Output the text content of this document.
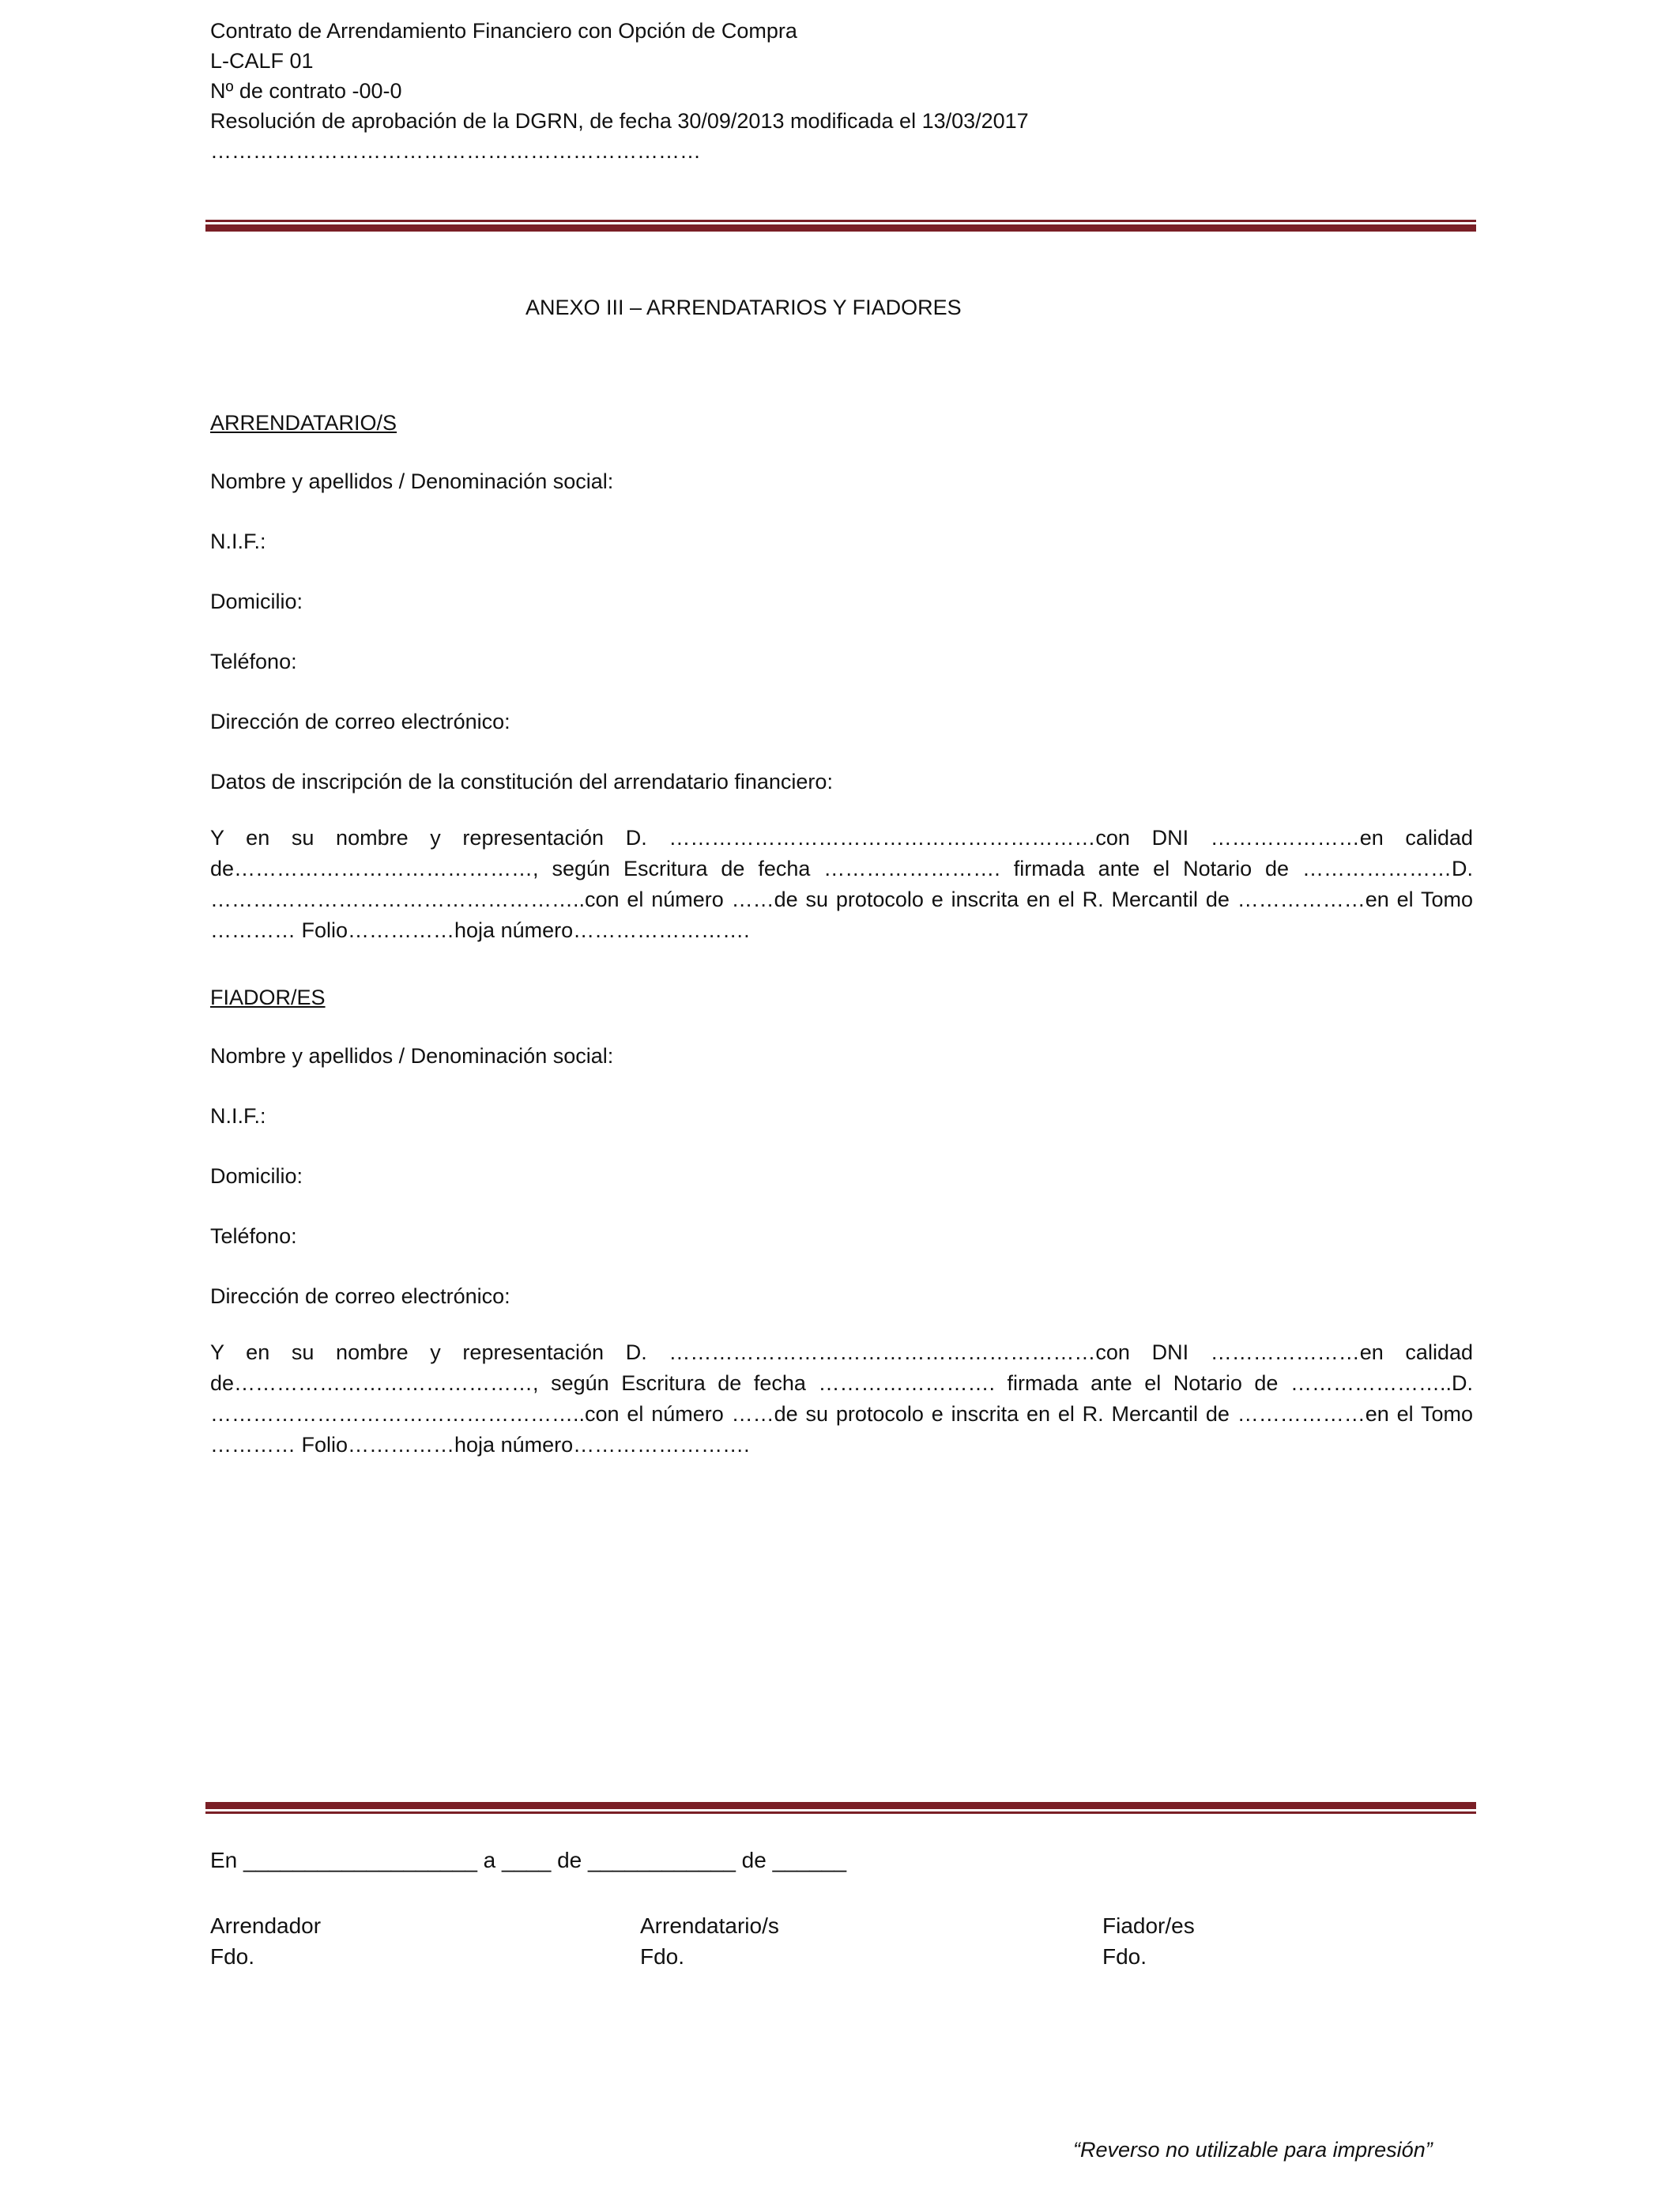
Contrato de Arrendamiento Financiero con Opción de Compra
L-CALF 01
Nº de contrato -00-0
Resolución de aprobación de la DGRN, de fecha 30/09/2013 modificada el 13/03/2017
……………………………………………………………
ANEXO III – ARRENDATARIOS Y FIADORES

ARRENDATARIO/S

Nombre y apellidos / Denominación social:

N.I.F.:

Domicilio:

Teléfono:

Dirección de correo electrónico:

Datos de inscripción de la constitución del arrendatario financiero:

Y en su nombre y representación D. ……………………………………………………con DNI …………………en calidad de……………………………………, según Escritura de fecha ……………………. firmada ante el Notario de …………………D. ……………………………………………..con el número ……de su protocolo e inscrita en el R. Mercantil de ………………en el Tomo ………… Folio……………hoja número…………………….

FIADOR/ES

Nombre y apellidos / Denominación social:

N.I.F.:

Domicilio:

Teléfono:

Dirección de correo electrónico:

Y en su nombre y representación D. ……………………………………………………con DNI …………………en calidad de……………………………………, según Escritura de fecha ……………………. firmada ante el Notario de …………………..D. ……………………………………………..con el número ……de su protocolo e inscrita en el R. Mercantil de ………………en el Tomo ………… Folio……………hoja número…………………….

En ___________________ a ____ de ____________ de ______
Arrendador
Fdo.
Arrendatario/s
Fdo.
Fiador/es
Fdo.
“Reverso no utilizable para impresión”
